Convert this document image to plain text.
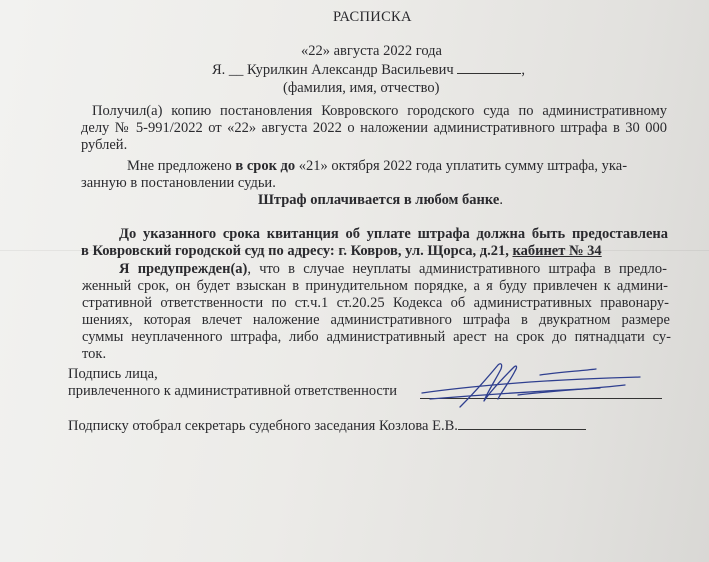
РАСПИСКА
«22» августа 2022 года
Я. __ Курилкин Александр Васильевич	,
(фамилия, имя, отчество)
Получил(а) копию постановления Ковровского городского суда по административному
делу № 5-991/2022 от «22» августа 2022 о наложении административного штрафа в 30 000
рублей.
Мне предложено в срок до «21» октября 2022 года уплатить сумму штрафа, ука-
занную в постановлении судьи.
Штраф оплачивается в любом банке.
До указанного срока квитанция об уплате штрафа должна быть предоставлена
в Ковровский городской суд по адресу: г. Ковров, ул. Щорса, д.21, кабинет № 34
Я предупрежден(а), что в случае неуплаты административного штрафа в предло-
женный срок, он будет взыскан в принудительном порядке, а я буду привлечен к админи-
стративной ответственности по ст.ч.1 ст.20.25 Кодекса об административных правонару-
шениях, которая влечет наложение административного штрафа в двукратном размере
суммы неуплаченного штрафа, либо административный арест на срок до пятнадцати су-
ток.
Подпись лица,
привлеченного к административной ответственности
Подписку отобрал секретарь судебного заседания Козлова Е.В.
